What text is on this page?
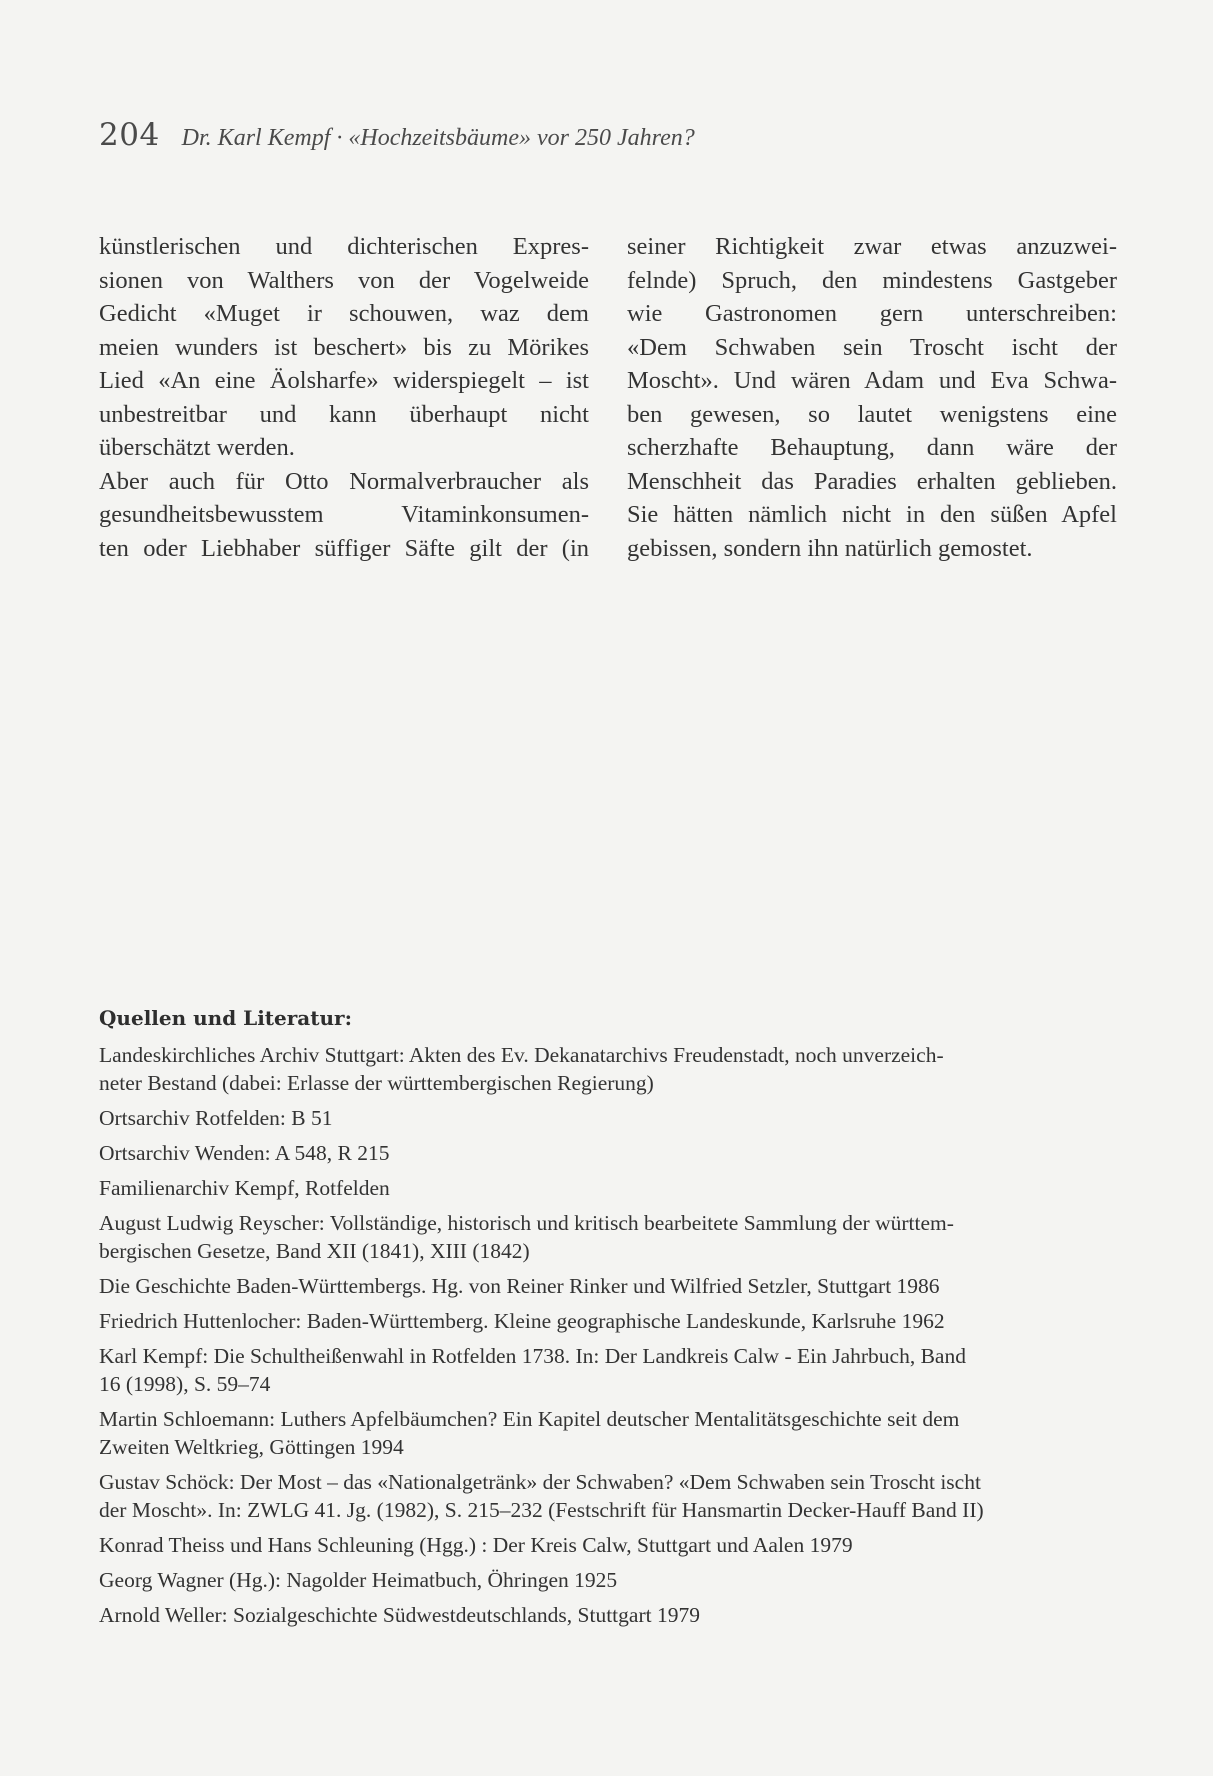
204 Dr. Karl Kempf · «Hochzeitsbäume» vor 250 Jahren?
künstlerischen und dichterischen Expres-
sionen von Walthers von der Vogelweide
Gedicht «Muget ir schouwen, waz dem
meien wunders ist beschert» bis zu Mörikes
Lied «An eine Äolsharfe» widerspiegelt – ist
unbestreitbar und kann überhaupt nicht
überschätzt werden.
Aber auch für Otto Normalverbraucher als
gesundheitsbewusstem Vitaminkonsumen-
ten oder Liebhaber süffiger Säfte gilt der (in
seiner Richtigkeit zwar etwas anzuzwei-
felnde) Spruch, den mindestens Gastgeber
wie Gastronomen gern unterschreiben:
«Dem Schwaben sein Troscht ischt der
Moscht». Und wären Adam und Eva Schwa-
ben gewesen, so lautet wenigstens eine
scherzhafte Behauptung, dann wäre der
Menschheit das Paradies erhalten geblieben.
Sie hätten nämlich nicht in den süßen Apfel
gebissen, sondern ihn natürlich gemostet.
Quellen und Literatur:
Landeskirchliches Archiv Stuttgart: Akten des Ev. Dekanatarchivs Freudenstadt, noch unverzeich-
neter Bestand (dabei: Erlasse der württembergischen Regierung)
Ortsarchiv Rotfelden: B 51
Ortsarchiv Wenden: A 548, R 215
Familienarchiv Kempf, Rotfelden
August Ludwig Reyscher: Vollständige, historisch und kritisch bearbeitete Sammlung der württem-
bergischen Gesetze, Band XII (1841), XIII (1842)
Die Geschichte Baden-Württembergs. Hg. von Reiner Rinker und Wilfried Setzler, Stuttgart 1986
Friedrich Huttenlocher: Baden-Württemberg. Kleine geographische Landeskunde, Karlsruhe 1962
Karl Kempf: Die Schultheißenwahl in Rotfelden 1738. In: Der Landkreis Calw - Ein Jahrbuch, Band
16 (1998), S. 59–74
Martin Schloemann: Luthers Apfelbäumchen? Ein Kapitel deutscher Mentalitätsgeschichte seit dem
Zweiten Weltkrieg, Göttingen 1994
Gustav Schöck: Der Most – das «Nationalgetränk» der Schwaben? «Dem Schwaben sein Troscht ischt
der Moscht». In: ZWLG 41. Jg. (1982), S. 215–232 (Festschrift für Hansmartin Decker-Hauff Band II)
Konrad Theiss und Hans Schleuning (Hgg.) : Der Kreis Calw, Stuttgart und Aalen 1979
Georg Wagner (Hg.): Nagolder Heimatbuch, Öhringen 1925
Arnold Weller: Sozialgeschichte Südwestdeutschlands, Stuttgart 1979
